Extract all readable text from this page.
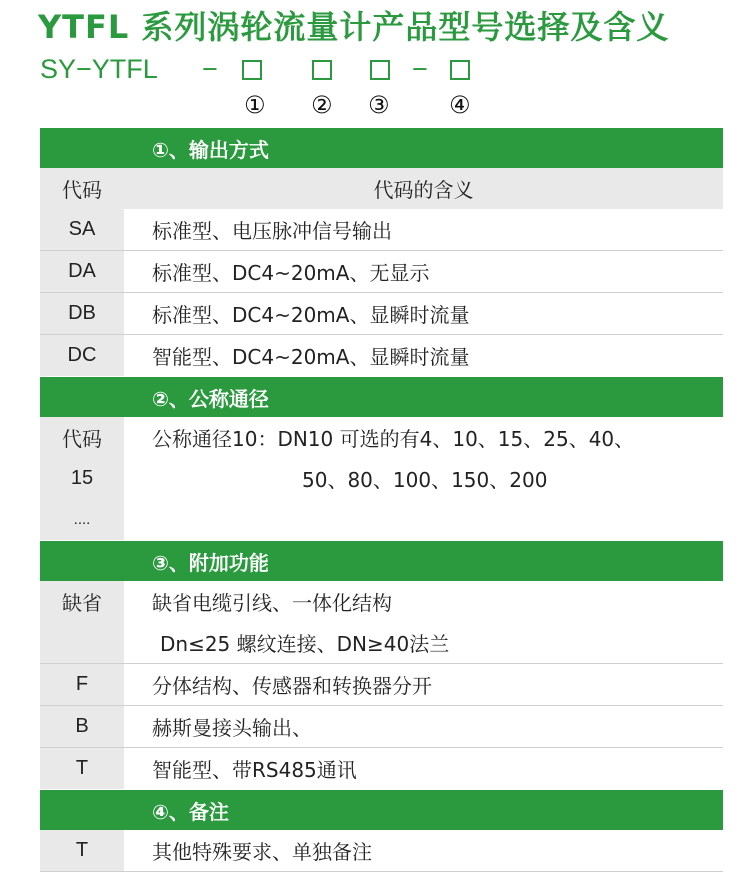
YTFL 系列涡轮流量计产品型号选择及含义
SY−YTFL −	−
① ② ③ ④
①、输出方式
代码	代码的含义
SA	标准型、电压脉冲信号输出
DA	标准型、DC4~20mA、无显示
DB	标准型、DC4~20mA、显瞬时流量
DC	智能型、DC4~20mA、显瞬时流量
②、公称通径
代码	公称通径10：DN10 可选的有4、10、15、25、40、
15	50、80、100、150、200
....
③、附加功能
缺省	缺省电缆引线、一体化结构
Dn≤25 螺纹连接、DN≥40法兰
F	分体结构、传感器和转换器分开
B	赫斯曼接头输出、
T	智能型、带RS485通讯
④、备注
T	其他特殊要求、单独备注
